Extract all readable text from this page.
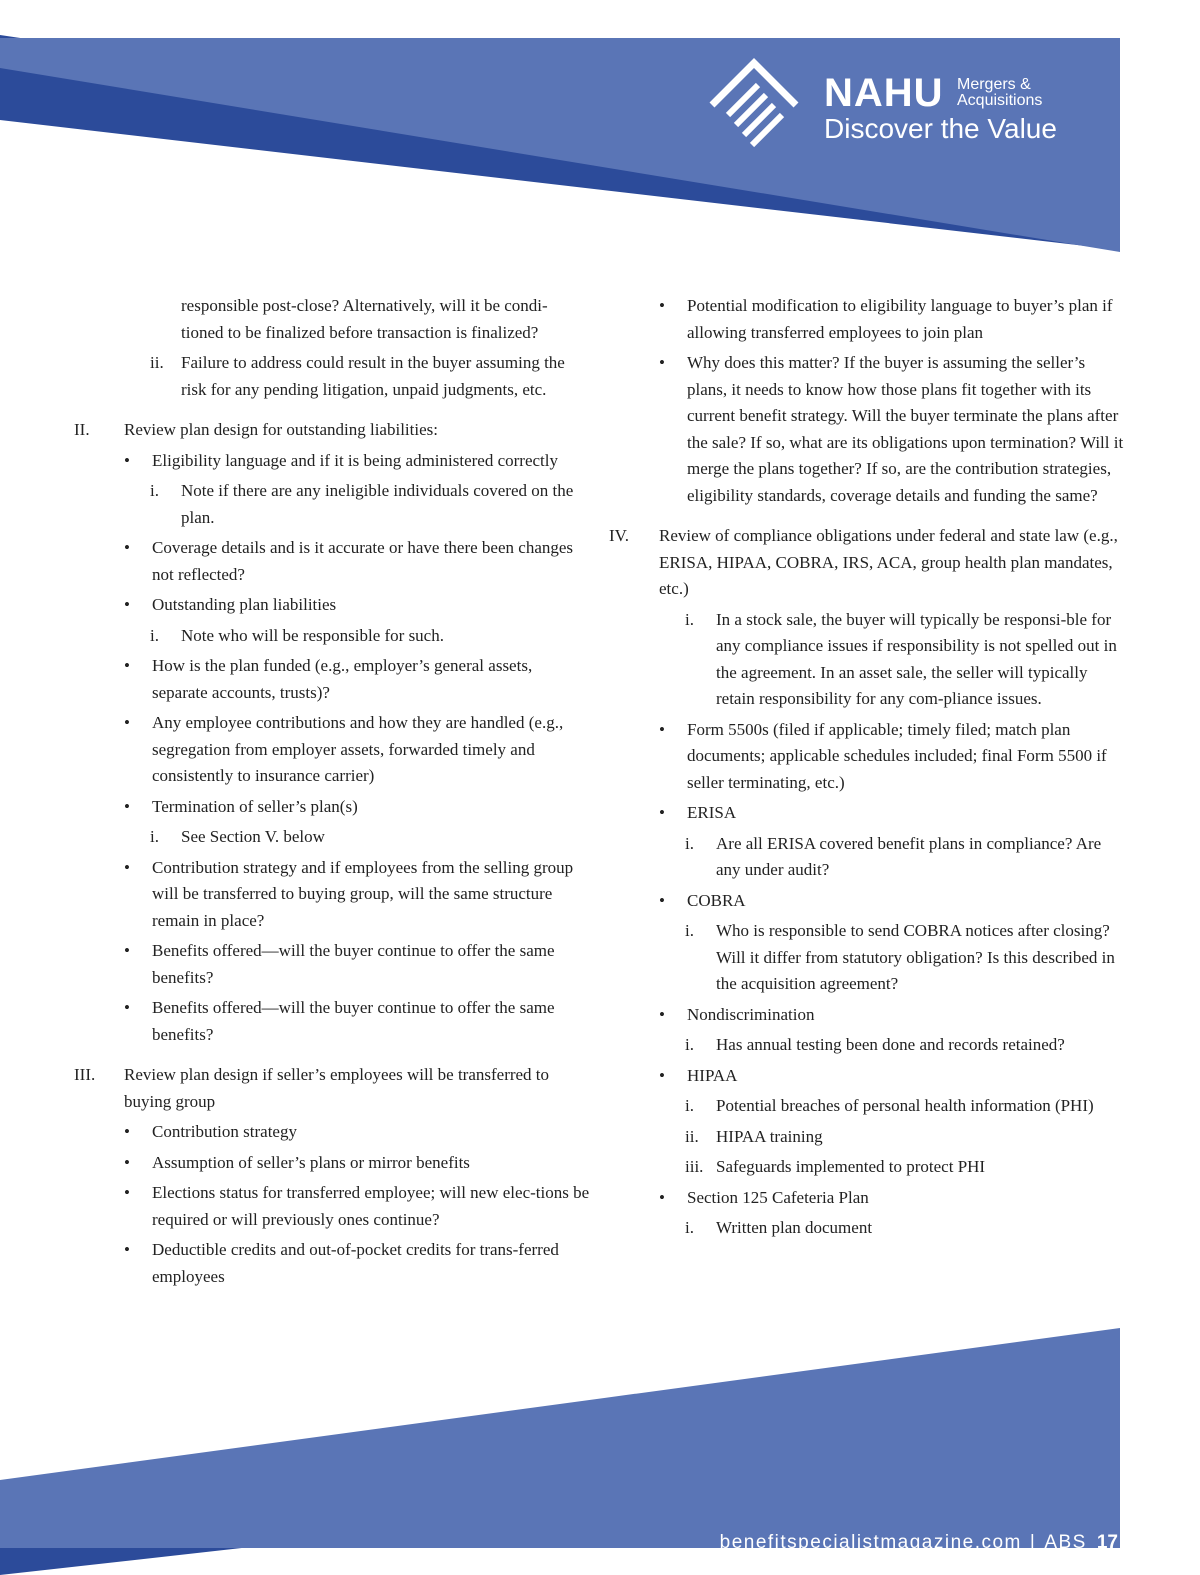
NAHU Mergers &
Acquisitions
Discover the Value
responsible post-close? Alternatively, will it be condi-tioned to be finalized before transaction is finalized?
ii. Failure to address could result in the buyer assuming the risk for any pending litigation, unpaid judgments, etc.
II. Review plan design for outstanding liabilities:
• Eligibility language and if it is being administered correctly
i. Note if there are any ineligible individuals covered on the plan.
• Coverage details and is it accurate or have there been changes not reflected?
• Outstanding plan liabilities
i. Note who will be responsible for such.
• How is the plan funded (e.g., employer’s general assets, separate accounts, trusts)?
• Any employee contributions and how they are handled (e.g., segregation from employer assets, forwarded timely and consistently to insurance carrier)
• Termination of seller’s plan(s)
i. See Section V. below
• Contribution strategy and if employees from the selling group will be transferred to buying group, will the same structure remain in place?
• Benefits offered—will the buyer continue to offer the same benefits?
• Benefits offered—will the buyer continue to offer the same benefits?
III. Review plan design if seller’s employees will be transferred to buying group
• Contribution strategy
• Assumption of seller’s plans or mirror benefits
• Elections status for transferred employee; will new elec-tions be required or will previously ones continue?
• Deductible credits and out-of-pocket credits for trans-ferred employees
• Potential modification to eligibility language to buyer’s plan if allowing transferred employees to join plan
• Why does this matter? If the buyer is assuming the seller’s plans, it needs to know how those plans fit together with its current benefit strategy. Will the buyer terminate the plans after the sale? If so, what are its obligations upon termination? Will it merge the plans together? If so, are the contribution strategies, eligibility standards, coverage details and funding the same?
IV. Review of compliance obligations under federal and state law (e.g., ERISA, HIPAA, COBRA, IRS, ACA, group health plan mandates, etc.)
i. In a stock sale, the buyer will typically be responsi-ble for any compliance issues if responsibility is not spelled out in the agreement. In an asset sale, the seller will typically retain responsibility for any com-pliance issues.
• Form 5500s (filed if applicable; timely filed; match plan documents; applicable schedules included; final Form 5500 if seller terminating, etc.)
• ERISA
i. Are all ERISA covered benefit plans in compliance? Are any under audit?
• COBRA
i. Who is responsible to send COBRA notices after closing? Will it differ from statutory obligation? Is this described in the acquisition agreement?
• Nondiscrimination
i. Has annual testing been done and records retained?
• HIPAA
i. Potential breaches of personal health information (PHI)
ii. HIPAA training
iii. Safeguards implemented to protect PHI
• Section 125 Cafeteria Plan
i. Written plan document
benefitspecialistmagazine.com | ABS 17
